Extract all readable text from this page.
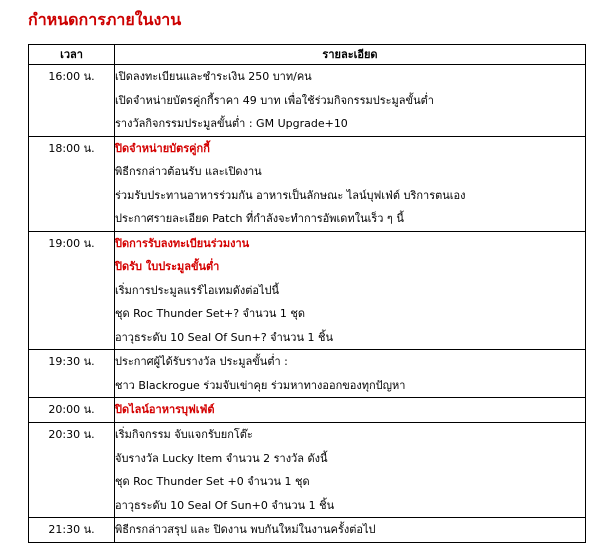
กำหนดการภายในงาน
เวลา	รายละเอียด

16:00 น.	เปิดลงทะเบียนและชำระเงิน 250 บาท/คน
เปิดจำหน่ายบัตรคู่กกี้ราคา 49 บาท เพื่อใช้ร่วมกิจกรรมประมูลขั้นต่ำ
รางวัลกิจกรรมประมูลขั้นต่ำ : GM Upgrade+10

18:00 น.	ปิดจำหน่ายบัตรคู่กกี้
พิธีกรกล่าวต้อนรับ และเปิดงาน
ร่วมรับประทานอาหารร่วมกัน อาหารเป็นลักษณะ ไลน์บุฟเฟ่ต์ บริการตนเอง
ประกาศรายละเอียด Patch ที่กำลังจะทำการอัพเดทในเร็ว ๆ นี้

19:00 น.	ปิดการรับลงทะเบียนร่วมงาน
ปิดรับ ใบประมูลขั้นต่ำ
เริ่มการประมูลแรร์ไอเทมดังต่อไปนี้
ชุด Roc Thunder Set+? จำนวน 1 ชุด
อาวุธระดับ 10 Seal Of Sun+? จำนวน 1 ชิ้น

19:30 น.	ประกาศผู้ได้รับรางวัล ประมูลขั้นต่ำ :
ชาว Blackrogue ร่วมจับเข่าคุย ร่วมหาทางออกของทุกปัญหา

20:00 น.	ปิดไลน์อาหารบุฟเฟ่ต์

20:30 น.	เริ่มกิจกรรม จับแจกรับยกโต๊ะ
จับรางวัล Lucky Item จำนวน 2 รางวัล ดังนี้
ชุด Roc Thunder Set +0 จำนวน 1 ชุด
อาวุธระดับ 10 Seal Of Sun+0 จำนวน 1 ชิ้น

21:30 น.	พิธีกรกล่าวสรุป และ ปิดงาน พบกันใหม่ในงานครั้งต่อไป
